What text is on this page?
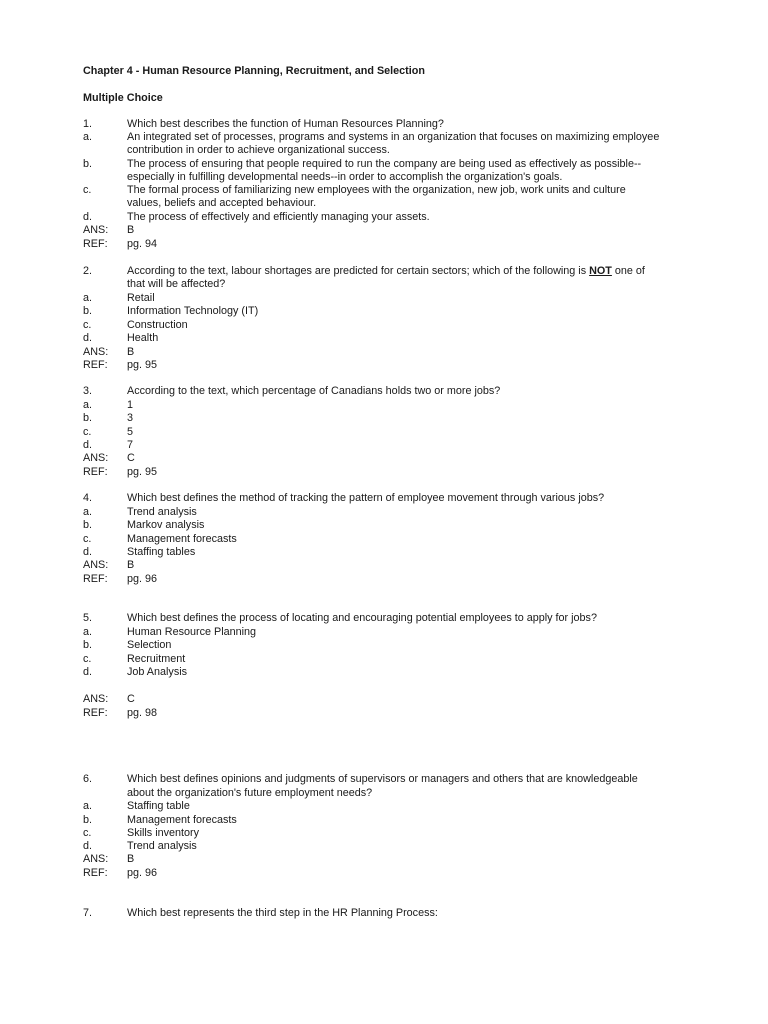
Chapter 4 - Human Resource Planning, Recruitment, and Selection
Multiple Choice
1.	Which best describes the function of Human Resources Planning?
a.	An integrated set of processes, programs and systems in an organization that focuses on maximizing employee
contribution in order to achieve organizational success.
b.	The process of ensuring that people required to run the company are being used as effectively as possible--
especially in fulfilling developmental needs--in order to accomplish the organization's goals.
c.	The formal process of familiarizing new employees with the organization, new job, work units and culture
values, beliefs and accepted behaviour.
d.	The process of effectively and efficiently managing your assets.
ANS: B
REF: pg. 94
2.	According to the text, labour shortages are predicted for certain sectors; which of the following is NOT one of
that will be affected?
a.	Retail
b.	Information Technology (IT)
c.	Construction
d.	Health
ANS: B
REF: pg. 95
3.	According to the text, which percentage of Canadians holds two or more jobs?
a.	1
b.	3
c.	5
d.	7
ANS: C
REF: pg. 95
4.	Which best defines the method of tracking the pattern of employee movement through various jobs?
a.	Trend analysis
b.	Markov analysis
c.	Management forecasts
d.	Staffing tables
ANS: B
REF: pg. 96
5.	Which best defines the process of locating and encouraging potential employees to apply for jobs?
a.	Human Resource Planning
b.	Selection
c.	Recruitment
d.	Job Analysis
ANS: C
REF: pg. 98
6.	Which best defines opinions and judgments of supervisors or managers and others that are knowledgeable
about the organization's future employment needs?
a.	Staffing table
b.	Management forecasts
c.	Skills inventory
d.	Trend analysis
ANS: B
REF: pg. 96
7.	Which best represents the third step in the HR Planning Process:
